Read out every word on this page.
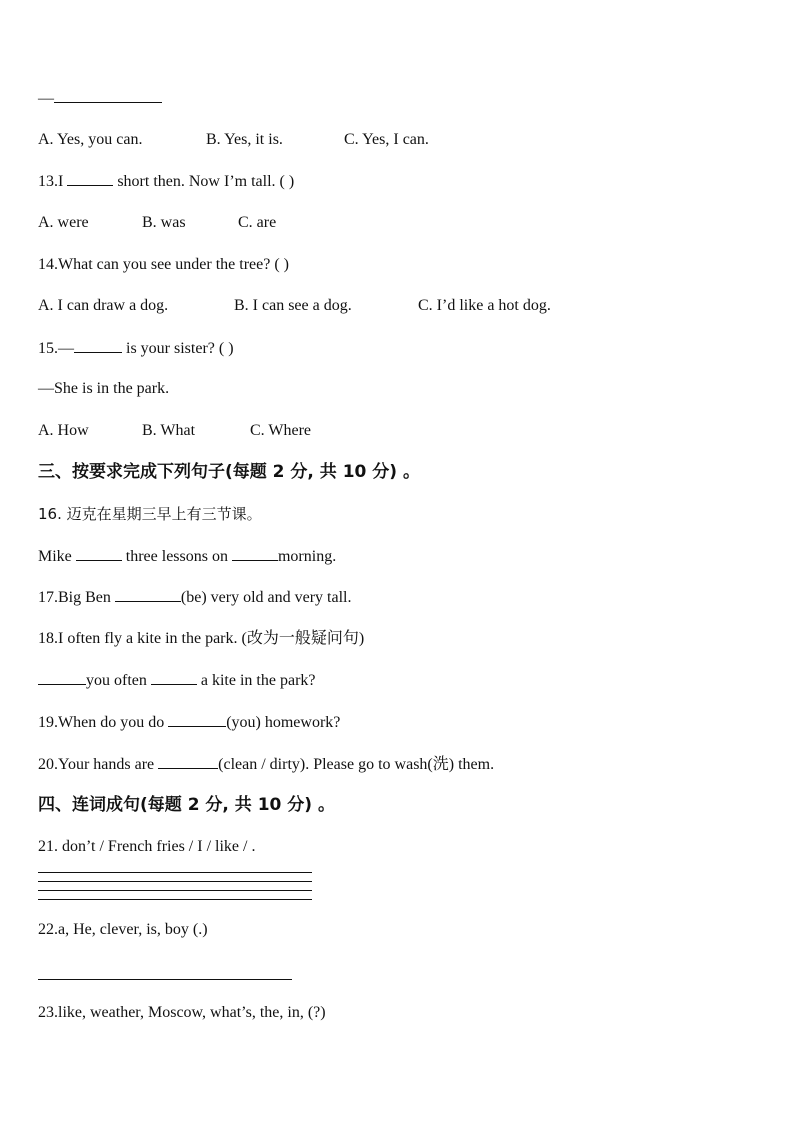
—
A. Yes, you can.	B. Yes, it is.	C. Yes, I can.
13.I	short then. Now I’m tall. ( )
A. were	B. was	C. are
14.What can you see under the tree? ( )
A. I can draw a dog.	B. I can see a dog.	C. I’d like a hot dog.
15.—	is your sister? ( )
—She is in the park.
A. How	B. What	C. Where
三、按要求完成下列句子(每题 2 分, 共 10 分) 。
16. 迈克在星期三早上有三节课。
Mike	three lessons on	morning.
17.Big Ben	(be) very old and very tall.
18.I often fly a kite in the park. (改为一般疑问句)
you often	a kite in the park?
19.When do you do	(you) homework?
20.Your hands are	(clean / dirty). Please go to wash(洗) them.
四、连词成句(每题 2 分, 共 10 分) 。
21. don’t / French fries / I / like / .
22.a, He, clever, is, boy (.)
23.like, weather, Moscow, what’s, the, in, (?)
